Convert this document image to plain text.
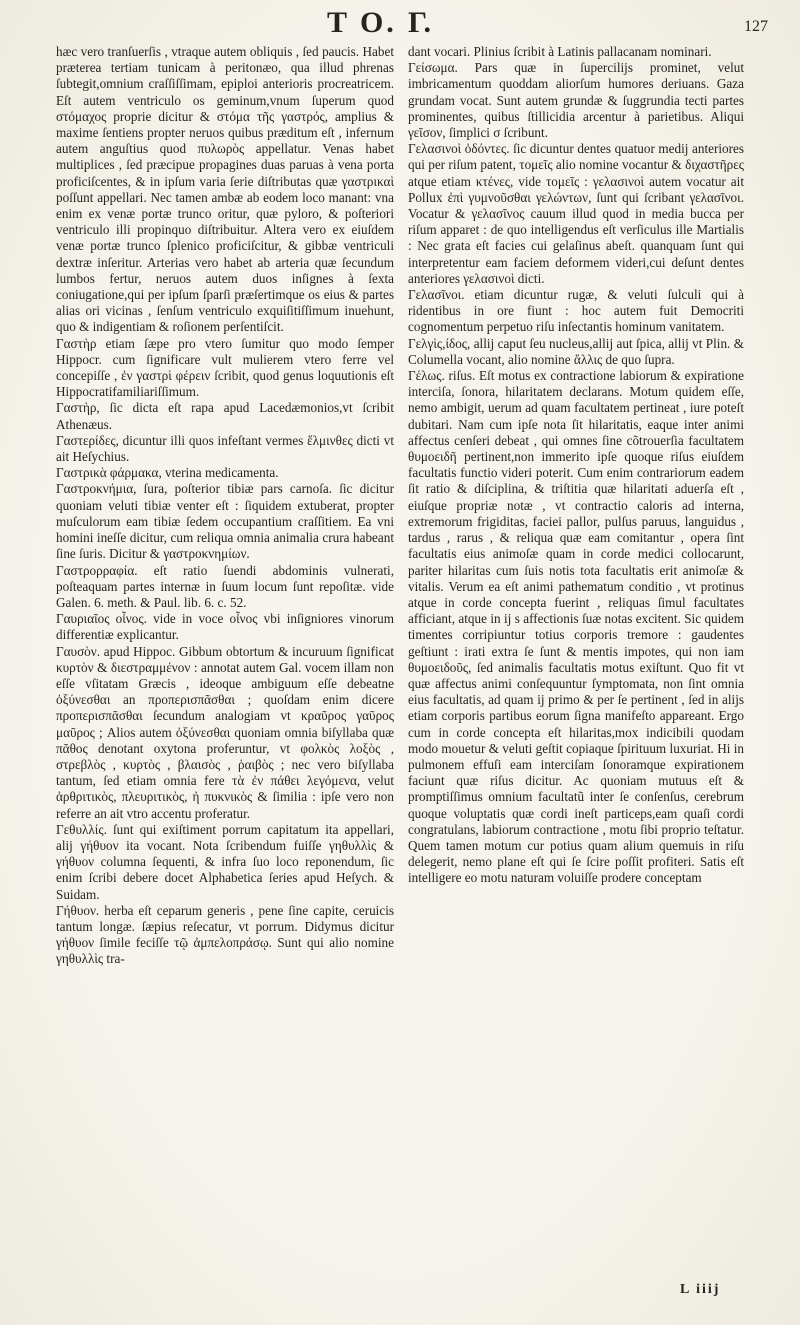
T O. Γ.	127

hæc vero tranſuerſis , vtraque autem obliquis , ſed paucis. Habet præterea tertiam tunicam à peritonæo, qua illud phrenas ſubtegit,omnium craſſiſſimam, epiploi anterioris procreatricem. Eſt autem ventriculo os geminum,vnum ſuperum quod στόμαχος proprie dicitur & στόμα τῆς γαστρός, amplius & maxime ſentiens propter neruos quibus præditum eſt , infernum autem anguſtius quod πυλωρὸς appellatur. Venas habet multiplices , ſed præcipue propagines duas paruas à vena porta proficiſcentes, & in ipſum varia ſerie diſtributas quæ γαστρικαὶ poſſunt appellari. Nec tamen ambæ ab eodem loco manant: vna enim ex venæ portæ trunco oritur, quæ pyloro, & poſteriori ventriculo illi propinquo diſtribuitur. Altera vero ex eiuſdem venæ portæ trunco ſplenico proficiſcitur, & gibbæ ventriculi dextræ inſeritur. Arterias vero habet ab arteria quæ ſecundum lumbos fertur, neruos autem duos inſignes à ſexta coniugatione,qui per ipſum ſparſi præſertimque os eius & partes alias ori vicinas , ſenſum ventriculo exquiſitiſſimum inuehunt, quo & indigentiam & roſionem perſentiſcit.

Γαστὴρ etiam ſæpe pro vtero ſumitur quo modo ſemper Hippocr. cum ſignificare vult mulierem vtero ferre vel concepiſſe , ἐν γαστρὶ φέρειν ſcribit, quod genus loquutionis eſt Hippocratifamiliariſſimum.

Γαστὴρ, ſic dicta eſt rapa apud Lacedæmonios,vt ſcribit Athenæus.

Γαστερίδες, dicuntur illi quos infeſtant vermes ἕλμινθες dicti vt ait Heſychius.

Γαστρικὰ φάρμακα, vterina medicamenta.

Γαστροκνήμια, ſura, poſterior tibiæ pars carnoſa. ſic dicitur quoniam veluti tibiæ venter eſt : ſiquidem extuberat, propter muſculorum eam tibiæ ſedem occupantium craſſitiem. Ea vni homini ineſſe dicitur, cum reliqua omnia animalia crura habeant ſine ſuris. Dicitur & γαστροκνημίων.

Γαστρορραφία. eſt ratio ſuendi abdominis vulnerati, poſteaquam partes internæ in ſuum locum ſunt repoſitæ. vide Galen. 6. meth. & Paul. lib. 6. c. 52.

Γαυριαῖος οἶνος. vide in voce οἶνος vbi inſigniores vinorum differentiæ explicantur.

Γαυσὸν. apud Hippoc. Gibbum obtortum & incuruum ſignificat κυρτὸν & διεστραμμένον : annotat autem Gal. vocem illam non eſſe vſitatam Græcis , ideoque ambiguum eſſe debeatne ὀξύνεσθαι an προπερισπᾶσθαι ; quoſdam enim dicere προπερισπᾶσθαι ſecundum analogiam vt κραῦρος γαῦρος μαῦρος ; Alios autem ὀξύνεσθαι quoniam omnia biſyllaba quæ πᾶθος denotant oxytona proferuntur, vt φολκὸς λοξὸς , στρεβλὸς , κυρτὸς , βλαισὸς , ῥαιβὸς ; nec vero biſyllaba tantum, ſed etiam omnia fere τὰ ἐν πάθει λεγόμενα, velut ἀρθριτικὸς, πλευριτικὸς, ἠ πυκνικὸς & ſimilia : ipſe vero non referre an ait vtro accentu proferatur.

Γεθυλλίς. ſunt qui exiſtiment porrum capitatum ita appellari, alij γήθυον ita vocant. Nota ſcribendum fuiſſe γηθυλλὶς & γήθυον columna ſequenti, & infra ſuo loco reponendum, ſic enim ſcribi debere docet Alphabetica ſeries apud Heſych. & Suidam.

Γήθυον. herba eſt ceparum generis , pene ſine capite, ceruicis tantum longæ. ſæpius reſecatur, vt porrum. Didymus dicitur γήθυον ſimile feciſſe τῷ ἀμπελοπράσῳ. Sunt qui alio nomine γηθυλλὶς tra-

dant vocari. Plinius ſcribit à Latinis pallacanam nominari.

Γείσωμα. Pars quæ in ſupercilijs prominet, velut imbricamentum quoddam aliorſum humores deriuans. Gaza grundam vocat. Sunt autem grundæ & ſuggrundia tecti partes prominentes, quibus ſtillicidia arcentur à parietibus. Aliqui γεῖσον, ſimplici σ ſcribunt.

Γελασινοὶ ὀδόντες. ſic dicuntur dentes quatuor medij anteriores qui per riſum patent, τομεῖς alio nomine vocantur & διχαστῆρες atque etiam κτένες, vide τομεῖς : γελασινοὶ autem vocatur ait Pollux ἐπὶ γυμνοῦσθαι γελώντων, ſunt qui ſcribant γελασῖνοι. Vocatur & γελασῖνος cauum illud quod in media bucca per riſum apparet : de quo intelligendus eſt verſiculus ille Martialis : Nec grata eſt facies cui gelaſinus abeſt. quanquam ſunt qui interpretentur eam faciem deformem videri,cui deſunt dentes anteriores γελασινοὶ dicti.

Γελασῖνοι. etiam dicuntur rugæ, & veluti ſulculi qui à ridentibus in ore fiunt : hoc autem fuit Democriti cognomentum perpetuo riſu inſectantis hominum vanitatem.

Γελγὶς,ίδος, allij caput ſeu nucleus,allij aut ſpica, allij vt Plin. & Columella vocant, alio nomine ἄλλις de quo ſupra.

Γέλως. riſus. Eſt motus ex contractione labiorum & expiratione interciſa, ſonora, hilaritatem declarans. Motum quidem eſſe, nemo ambigit, uerum ad quam facultatem pertineat , iure poteſt dubitari. Nam cum ipſe nota ſit hilaritatis, eaque inter animi affectus cenſeri debeat , qui omnes ſine cõtrouerſia facultatem θυμοειδῆ pertinent,non immerito ipſe quoque riſus eiuſdem facultatis functio videri poterit. Cum enim contrariorum eadem ſit ratio & diſciplina, & triſtitia quæ hilaritati aduerſa eſt , eiuſque propriæ notæ , vt contractio caloris ad interna, extremorum frigiditas, faciei pallor, pulſus paruus, languidus , tardus , rarus , & reliqua quæ eam comitantur , opera ſint facultatis eius animoſæ quam in corde medici collocarunt, pariter hilaritas cum ſuis notis tota facultatis erit animoſæ & vitalis. Verum ea eſt animi pathematum conditio , vt protinus atque in corde concepta fuerint , reliquas ſimul facultates afficiant, atque in ij s affectionis ſuæ notas excitent. Sic quidem timentes corripiuntur totius corporis tremore : gaudentes geſtiunt : irati extra ſe ſunt & mentis impotes, qui non iam θυμοειδοῦς, ſed animalis facultatis motus exiſtunt. Quo fit vt quæ affectus animi conſequuntur ſymptomata, non ſint omnia eius facultatis, ad quam ij primo & per ſe pertinent , ſed in alijs etiam corporis partibus eorum ſigna manifeſto appareant. Ergo cum in corde concepta eſt hilaritas,mox indicibili quodam modo mouetur & veluti geſtit copiaque ſpirituum luxuriat. Hi in pulmonem effuſi eam interciſam ſonoramque expirationem faciunt quæ riſus dicitur. Ac quoniam mutuus eſt & promptiſſimus omnium facultatũ inter ſe conſenſus, cerebrum quoque voluptatis quæ cordi ineſt particeps,eam quaſi cordi congratulans, labiorum contractione , motu ſibi proprio teſtatur. Quem tamen motum cur potius quam alium quemuis in riſu delegerit, nemo plane eſt qui ſe ſcire poſſit profiteri. Satis eſt intelligere eo motu naturam voluiſſe prodere conceptam

L iiij
